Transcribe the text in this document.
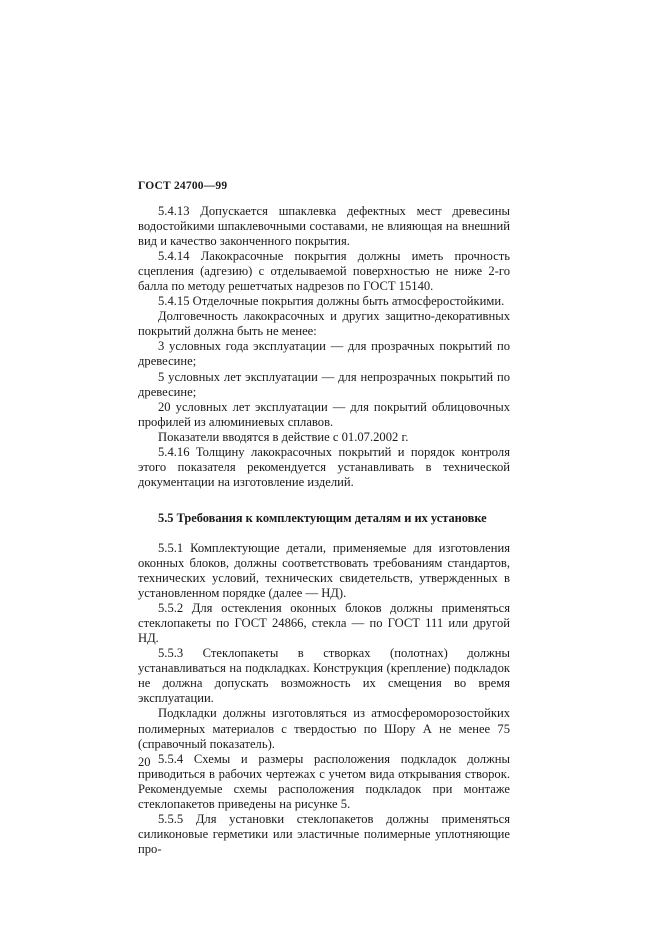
ГОСТ 24700—99

5.4.13 Допускается шпаклевка дефектных мест древесины водостойкими шпаклевочными составами, не влияющая на внешний вид и качество законченного покрытия.

5.4.14 Лакокрасочные покрытия должны иметь прочность сцепления (адгезию) с отделываемой поверхностью не ниже 2-го балла по методу решетчатых надрезов по ГОСТ 15140.

5.4.15 Отделочные покрытия должны быть атмосферостойкими.

Долговечность лакокрасочных и других защитно-декоративных покрытий должна быть не менее:

3 условных года эксплуатации — для прозрачных покрытий по древесине;

5 условных лет эксплуатации — для непрозрачных покрытий по древесине;

20 условных лет эксплуатации — для покрытий облицовочных профилей из алюминиевых сплавов.

Показатели вводятся в действие с 01.07.2002 г.

5.4.16 Толщину лакокрасочных покрытий и порядок контроля этого показателя рекомендуется устанавливать в технической документации на изготовление изделий.

5.5 Требования к комплектующим деталям и их установке

5.5.1 Комплектующие детали, применяемые для изготовления оконных блоков, должны соответствовать требованиям стандартов, технических условий, технических свидетельств, утвержденных в установленном порядке (далее — НД).

5.5.2 Для остекления оконных блоков должны применяться стеклопакеты по ГОСТ 24866, стекла — по ГОСТ 111 или другой НД.

5.5.3 Стеклопакеты в створках (полотнах) должны устанавливаться на подкладках. Конструкция (крепление) подкладок не должна допускать возможность их смещения во время эксплуатации.

Подкладки должны изготовляться из атмосфероморозостойких полимерных материалов с твердостью по Шору А не менее 75 (справочный показатель).

5.5.4 Схемы и размеры расположения подкладок должны приводиться в рабочих чертежах с учетом вида открывания створок. Рекомендуемые схемы расположения подкладок при монтаже стеклопакетов приведены на рисунке 5.

5.5.5 Для установки стеклопакетов должны применяться силиконовые герметики или эластичные полимерные уплотняющие про-

20
